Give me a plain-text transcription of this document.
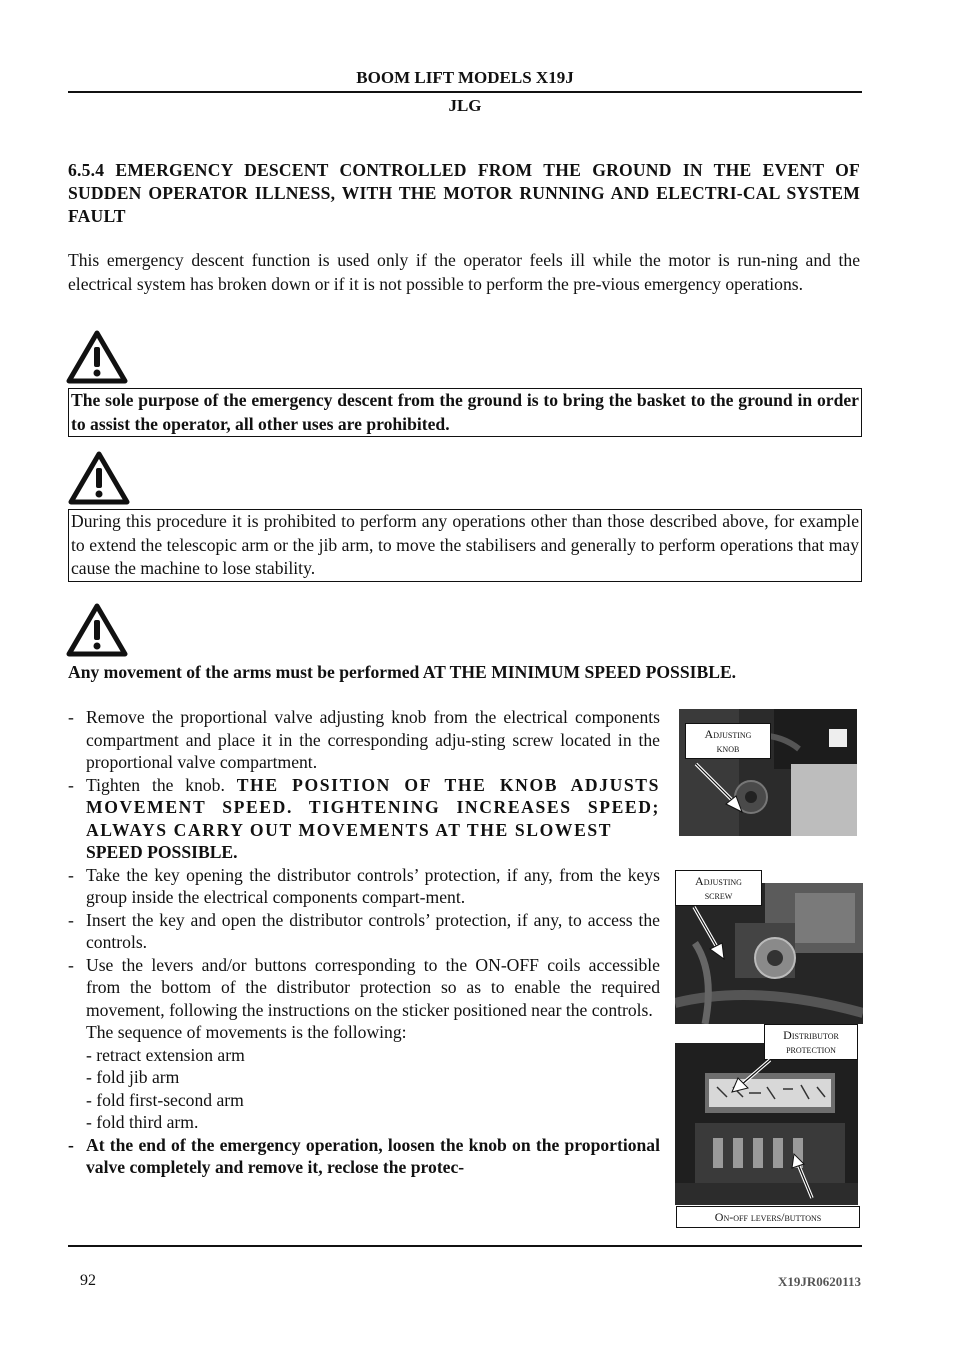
BOOM LIFT MODELS X19J
JLG
6.5.4 EMERGENCY DESCENT CONTROLLED FROM THE GROUND IN THE EVENT OF SUDDEN OPERATOR ILLNESS, WITH THE MOTOR RUNNING AND ELECTRI-CAL SYSTEM FAULT
This emergency descent function is used only if the operator feels ill while the motor is run-ning and the electrical system has broken down or if it is not possible to perform the pre-vious emergency operations.
The sole purpose of the emergency descent from the ground is to bring the basket to the ground in order to assist the operator, all other uses are prohibited.
During this procedure it is prohibited to perform any operations other than those described above, for example to extend the telescopic arm or the jib arm, to move the stabilisers and generally to perform operations that may cause the machine to lose stability.
Any movement of the arms must be performed AT THE MINIMUM SPEED POSSIBLE.
- Remove the proportional valve adjusting knob from the electrical components compartment and place it in the corresponding adju-sting screw located in the proportional valve compartment.
- Tighten the knob. THE POSITION OF THE KNOB ADJUSTS MOVEMENT SPEED. TIGHTENING INCREASES SPEED; ALWAYS CARRY OUT MOVEMENTS AT THE SLOWEST
SPEED POSSIBLE.
- Take the key opening the distributor controls’ protection, if any, from the keys group inside the electrical components compart-ment.
- Insert the key and open the distributor controls’ protection, if any, to access the controls.
- Use the levers and/or buttons corresponding to the ON-OFF coils accessible from the bottom of the distributor protection so as to enable the required movement, following the instructions on the sticker positioned near the controls.
The sequence of movements is the following:
- retract extension arm
- fold jib arm
- fold first-second arm
- fold third arm.
- At the end of the emergency operation, loosen the knob on the proportional valve completely and remove it, reclose the protec-
Adjusting
knob
Adjusting
screw
Distributor
protection
On-off levers/buttons
92	X19JR0620113
